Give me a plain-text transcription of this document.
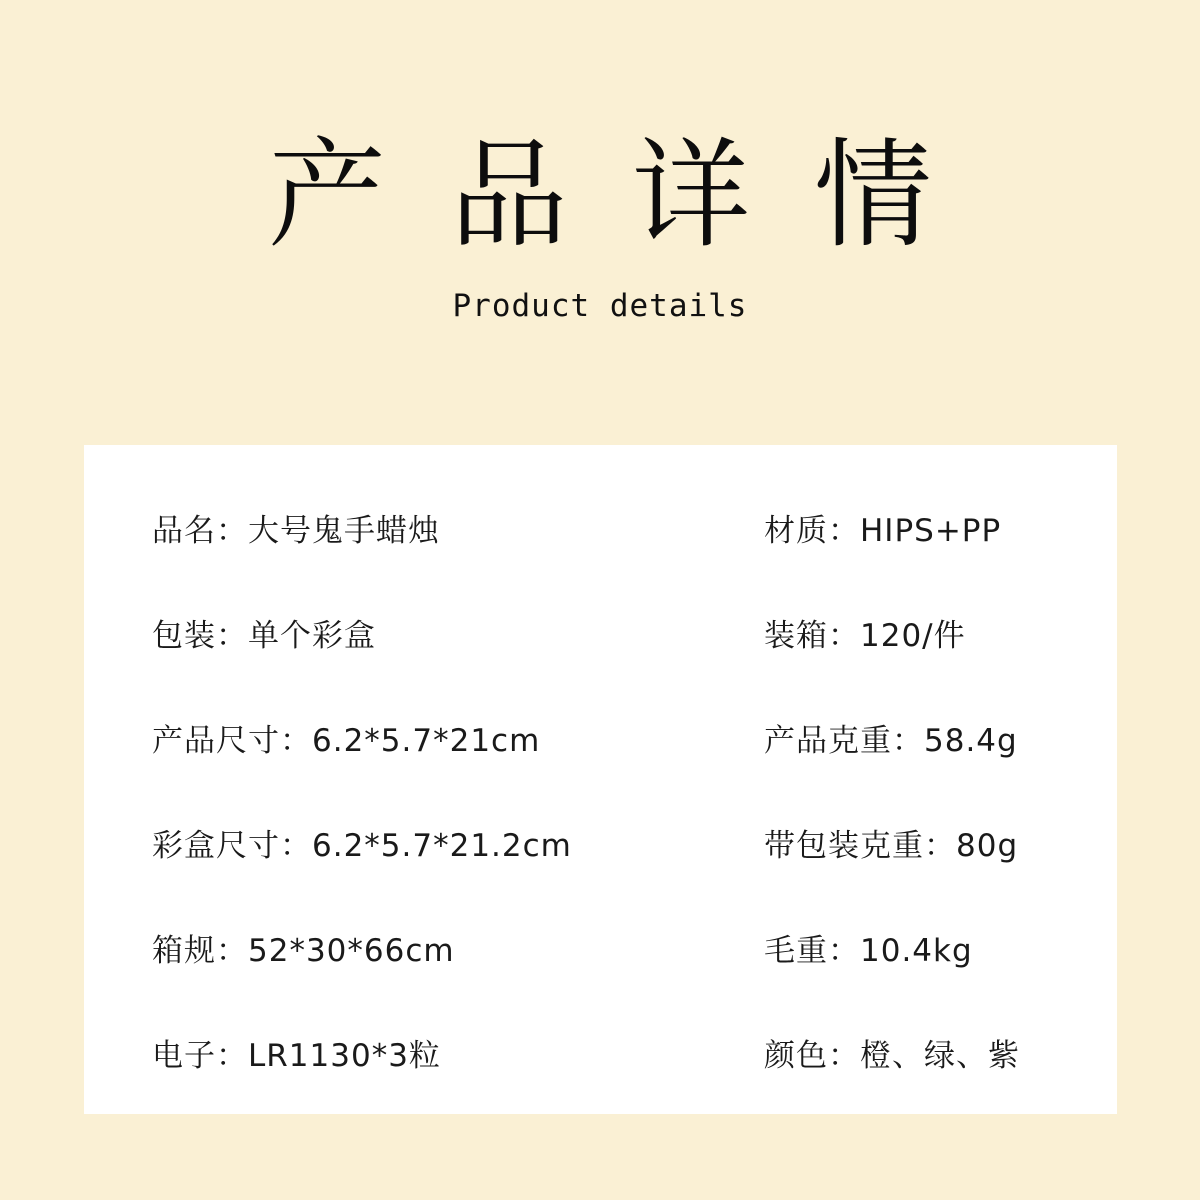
产品详情
Product details
品名：大号鬼手蜡烛
包装：单个彩盒
产品尺寸：6.2*5.7*21cm
彩盒尺寸：6.2*5.7*21.2cm
箱规：52*30*66cm
电子：LR1130*3粒
材质：HIPS+PP
装箱：120/件
产品克重：58.4g
带包装克重：80g
毛重：10.4kg
颜色：橙、绿、紫
